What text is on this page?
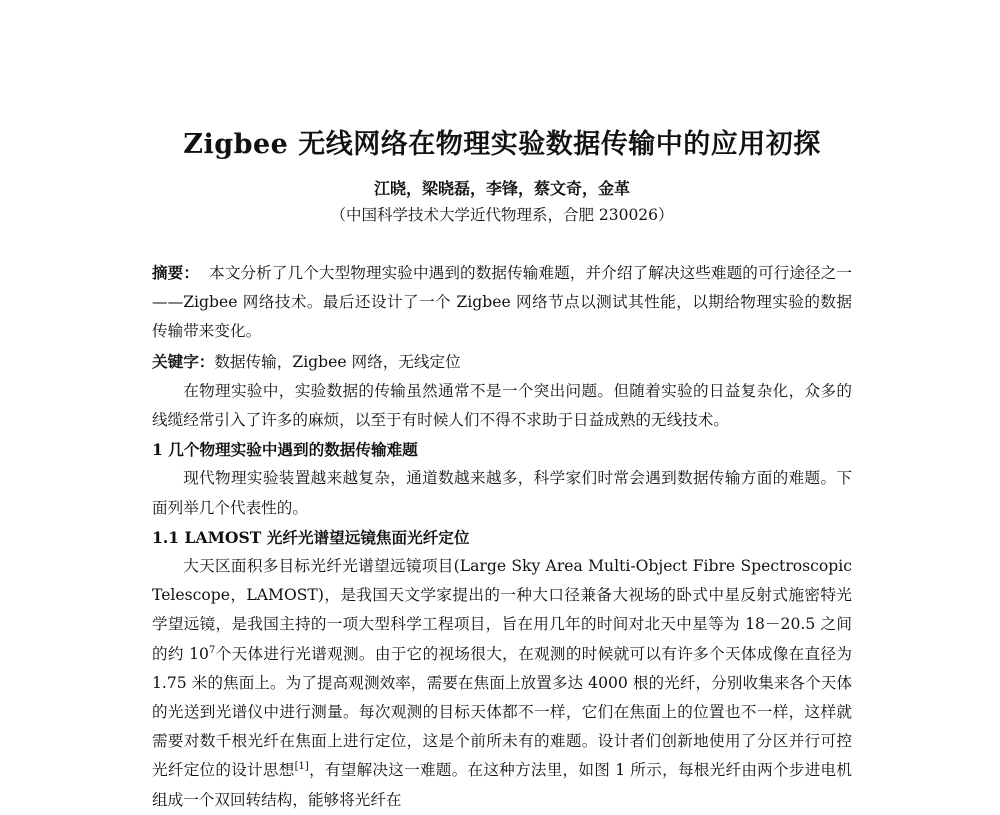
Zigbee 无线网络在物理实验数据传输中的应用初探
江晓，梁晓磊，李锋，蔡文奇，金革
（中国科学技术大学近代物理系，合肥 230026）

摘要： 本文分析了几个大型物理实验中遇到的数据传输难题，并介绍了解决这些难题的可行途径之一——Zigbee 网络技术。最后还设计了一个 Zigbee 网络节点以测试其性能，以期给物理实验的数据传输带来变化。

关键字：数据传输，Zigbee 网络，无线定位

在物理实验中，实验数据的传输虽然通常不是一个突出问题。但随着实验的日益复杂化，众多的线缆经常引入了许多的麻烦，以至于有时候人们不得不求助于日益成熟的无线技术。

1 几个物理实验中遇到的数据传输难题

现代物理实验装置越来越复杂，通道数越来越多，科学家们时常会遇到数据传输方面的难题。下面列举几个代表性的。

1.1 LAMOST 光纤光谱望远镜焦面光纤定位

大天区面积多目标光纤光谱望远镜项目(Large Sky Area Multi-Object Fibre Spectroscopic Telescope，LAMOST)，是我国天文学家提出的一种大口径兼备大视场的卧式中星反射式施密特光学望远镜，是我国主持的一项大型科学工程项目，旨在用几年的时间对北天中星等为 18－20.5 之间的约 $10^7$个天体进行光谱观测。由于它的视场很大，在观测的时候就可以有许多个天体成像在直径为 1.75 米的焦面上。为了提高观测效率，需要在焦面上放置多达 4000 根的光纤，分别收集来各个天体的光送到光谱仪中进行测量。每次观测的目标天体都不一样，它们在焦面上的位置也不一样，这样就需要对数千根光纤在焦面上进行定位，这是个前所未有的难题。设计者们创新地使用了分区并行可控光纤定位的设计思想[1]，有望解决这一难题。在这种方法里，如图 1 所示，每根光纤由两个步进电机组成一个双回转结构，能够将光纤在
